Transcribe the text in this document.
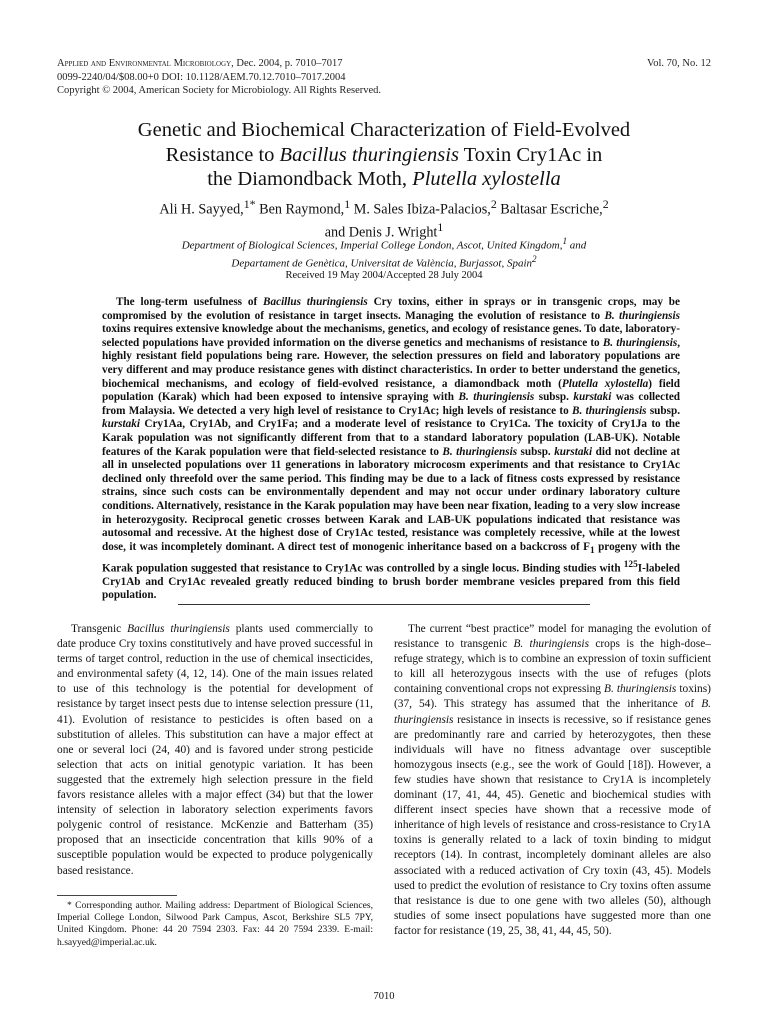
Applied and Environmental Microbiology, Dec. 2004, p. 7010–7017
0099-2240/04/$08.00+0 DOI: 10.1128/AEM.70.12.7010–7017.2004
Copyright © 2004, American Society for Microbiology. All Rights Reserved.
Vol. 70, No. 12
Genetic and Biochemical Characterization of Field-Evolved
Resistance to Bacillus thuringiensis Toxin Cry1Ac in
the Diamondback Moth, Plutella xylostella
Ali H. Sayyed,$^{1*}$ Ben Raymond,$^1$ M. Sales Ibiza-Palacios,$^2$ Baltasar Escriche,$^2$
and Denis J. Wright$^1$
Department of Biological Sciences, Imperial College London, Ascot, United Kingdom,$^1$ and
Departament de Genètica, Universitat de València, Burjassot, Spain$^2$
Received 19 May 2004/Accepted 28 July 2004
The long-term usefulness of Bacillus thuringiensis Cry toxins, either in sprays or in transgenic crops, may be compromised by the evolution of resistance in target insects. Managing the evolution of resistance to B. thuringiensis toxins requires extensive knowledge about the mechanisms, genetics, and ecology of resistance genes. To date, laboratory-selected populations have provided information on the diverse genetics and mechanisms of resistance to B. thuringiensis, highly resistant field populations being rare. However, the selection pressures on field and laboratory populations are very different and may produce resistance genes with distinct characteristics. In order to better understand the genetics, biochemical mechanisms, and ecology of field-evolved resistance, a diamondback moth (Plutella xylostella) field population (Karak) which had been exposed to intensive spraying with B. thuringiensis subsp. kurstaki was collected from Malaysia. We detected a very high level of resistance to Cry1Ac; high levels of resistance to B. thuringiensis subsp. kurstaki Cry1Aa, Cry1Ab, and Cry1Fa; and a moderate level of resistance to Cry1Ca. The toxicity of Cry1Ja to the Karak population was not significantly different from that to a standard laboratory population (LAB-UK). Notable features of the Karak population were that field-selected resistance to B. thuringiensis subsp. kurstaki did not decline at all in unselected populations over 11 generations in laboratory microcosm experiments and that resistance to Cry1Ac declined only threefold over the same period. This finding may be due to a lack of fitness costs expressed by resistance strains, since such costs can be environmentally dependent and may not occur under ordinary laboratory culture conditions. Alternatively, resistance in the Karak population may have been near fixation, leading to a very slow increase in heterozygosity. Reciprocal genetic crosses between Karak and LAB-UK populations indicated that resistance was autosomal and recessive. At the highest dose of Cry1Ac tested, resistance was completely recessive, while at the lowest dose, it was incompletely dominant. A direct test of monogenic inheritance based on a backcross of $F_1$ progeny with the Karak population suggested that resistance to Cry1Ac was controlled by a single locus. Binding studies with $^{125}$I-labeled Cry1Ab and Cry1Ac revealed greatly reduced binding to brush border membrane vesicles prepared from this field population.

Transgenic Bacillus thuringiensis plants used commercially to date produce Cry toxins constitutively and have proved successful in terms of target control, reduction in the use of chemical insecticides, and environmental safety (4, 12, 14). One of the main issues related to use of this technology is the potential for development of resistance by target insect pests due to intense selection pressure (11, 41). Evolution of resistance to pesticides is often based on a substitution of alleles. This substitution can have a major effect at one or several loci (24, 40) and is favored under strong pesticide selection that acts on initial genotypic variation. It has been suggested that the extremely high selection pressure in the field favors resistance alleles with a major effect (34) but that the lower intensity of selection in laboratory selection experiments favors polygenic control of resistance. McKenzie and Batterham (35) proposed that an insecticide concentration that kills 90% of a susceptible population would be expected to produce polygenically based resistance.

The current “best practice” model for managing the evolution of resistance to transgenic B. thuringiensis crops is the high-dose–refuge strategy, which is to combine an expression of toxin sufficient to kill all heterozygous insects with the use of refuges (plots containing conventional crops not expressing B. thuringiensis toxins) (37, 54). This strategy has assumed that the inheritance of B. thuringiensis resistance in insects is recessive, so if resistance genes are predominantly rare and carried by heterozygotes, then these individuals will have no fitness advantage over susceptible homozygous insects (e.g., see the work of Gould [18]). However, a few studies have shown that resistance to Cry1A is incompletely dominant (17, 41, 44, 45). Genetic and biochemical studies with different insect species have shown that a recessive mode of inheritance of high levels of resistance and cross-resistance to Cry1A toxins is generally related to a lack of toxin binding to midgut receptors (14). In contrast, incompletely dominant alleles are also associated with a reduced activation of Cry toxin (43, 45). Models used to predict the evolution of resistance to Cry toxins often assume that resistance is due to one gene with two alleles (50), although studies of some insect populations have suggested more than one factor for resistance (19, 25, 38, 41, 44, 45, 50).

* Corresponding author. Mailing address: Department of Biological Sciences, Imperial College London, Silwood Park Campus, Ascot, Berkshire SL5 7PY, United Kingdom. Phone: 44 20 7594 2303. Fax: 44 20 7594 2339. E-mail: h.sayyed@imperial.ac.uk.
7010
